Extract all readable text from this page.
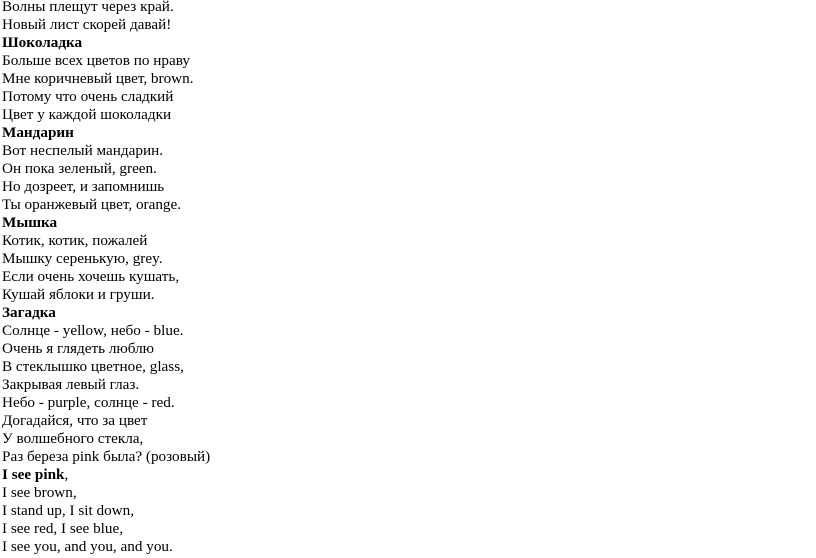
Волны плещут через край.
Новый лист скорей давай!
Шоколадка
Больше всех цветов по нраву
Мне коричневый цвет, brown.
Потому что очень сладкий
Цвет у каждой шоколадки
Мандарин
Вот неспелый мандарин.
Он пока зеленый, green.
Но дозреет, и запомнишь
Ты оранжевый цвет, orange.
Мышка
Котик, котик, пожалей
Мышку серенькую, grey.
Если очень хочешь кушать,
Кушай яблоки и груши.
Загадка
Солнце - yellow, небо - blue.
Очень я глядеть люблю
В стеклышко цветное, glass,
Закрывая левый глаз.
Небо - purple, солнце - red.
Догадайся, что за цвет
У волшебного стекла,
Раз береза pink была? (розовый)
I see pink,
I see brown,
I stand up, I sit down,
I see red, I see blue,
I see you, and you, and you.
